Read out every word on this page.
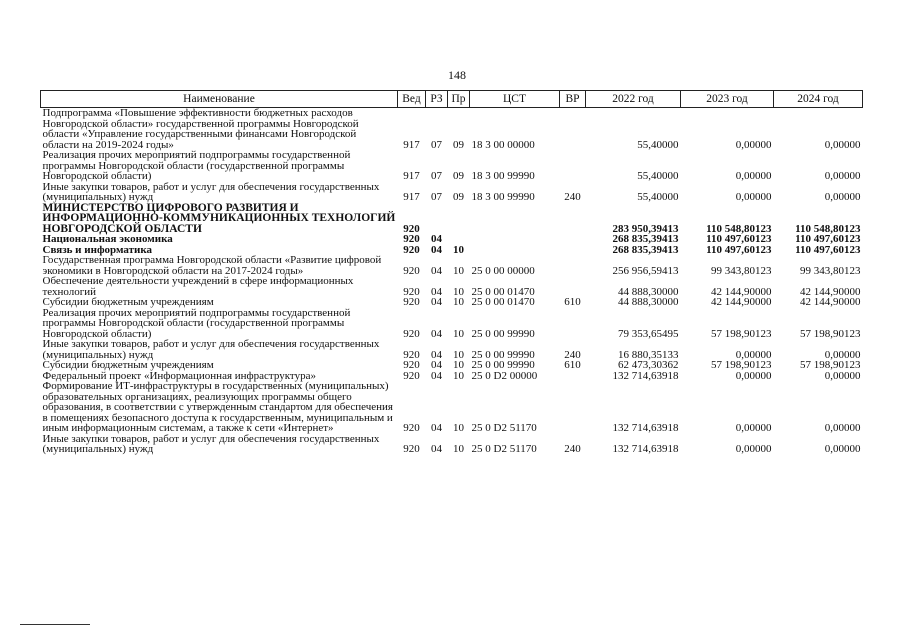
148
Наименование	Вед	РЗ	Пр	ЦСТ	ВР	2022 год	2023 год	2024 год
Подпрограмма «Повышение эффективности бюджетных расходов Новгородской области» государственной программы Новгородской области «Управление государственными финансами Новгородской области на 2019-2024 годы»	917	07	09	18 3 00 00000		55,40000	0,00000	0,00000
Реализация прочих мероприятий подпрограммы государственной программы Новгородской области (государственной программы Новгородской области)	917	07	09	18 3 00 99990		55,40000	0,00000	0,00000
Иные закупки товаров, работ и услуг для обеспечения государственных (муниципальных) нужд	917	07	09	18 3 00 99990	240	55,40000	0,00000	0,00000
МИНИСТЕРСТВО ЦИФРОВОГО РАЗВИТИЯ И ИНФОРМАЦИОННО-КОММУНИКАЦИОННЫХ ТЕХНОЛОГИЙ НОВГОРОДСКОЙ ОБЛАСТИ	920					283 950,39413	110 548,80123	110 548,80123
Национальная экономика	920	04				268 835,39413	110 497,60123	110 497,60123
Связь и информатика	920	04	10			268 835,39413	110 497,60123	110 497,60123
Государственная программа Новгородской области «Развитие цифровой экономики в Новгородской области на 2017-2024 годы»	920	04	10	25 0 00 00000		256 956,59413	99 343,80123	99 343,80123
Обеспечение деятельности учреждений в сфере информационных технологий	920	04	10	25 0 00 01470		44 888,30000	42 144,90000	42 144,90000
Субсидии бюджетным учреждениям	920	04	10	25 0 00 01470	610	44 888,30000	42 144,90000	42 144,90000
Реализация прочих мероприятий подпрограммы государственной программы Новгородской области (государственной программы Новгородской области)	920	04	10	25 0 00 99990		79 353,65495	57 198,90123	57 198,90123
Иные закупки товаров, работ и услуг для обеспечения государственных (муниципальных) нужд	920	04	10	25 0 00 99990	240	16 880,35133	0,00000	0,00000
Субсидии бюджетным учреждениям	920	04	10	25 0 00 99990	610	62 473,30362	57 198,90123	57 198,90123
Федеральный проект «Информационная инфраструктура»	920	04	10	25 0 D2 00000		132 714,63918	0,00000	0,00000
Формирование ИТ-инфраструктуры в государственных (муниципальных) образовательных организациях, реализующих программы общего образования, в соответствии с утвержденным стандартом для обеспечения в помещениях безопасного доступа к государственным, муниципальным и иным информационным системам, а также к сети «Интернет»	920	04	10	25 0 D2 51170		132 714,63918	0,00000	0,00000
Иные закупки товаров, работ и услуг для обеспечения государственных (муниципальных) нужд	920	04	10	25 0 D2 51170	240	132 714,63918	0,00000	0,00000
